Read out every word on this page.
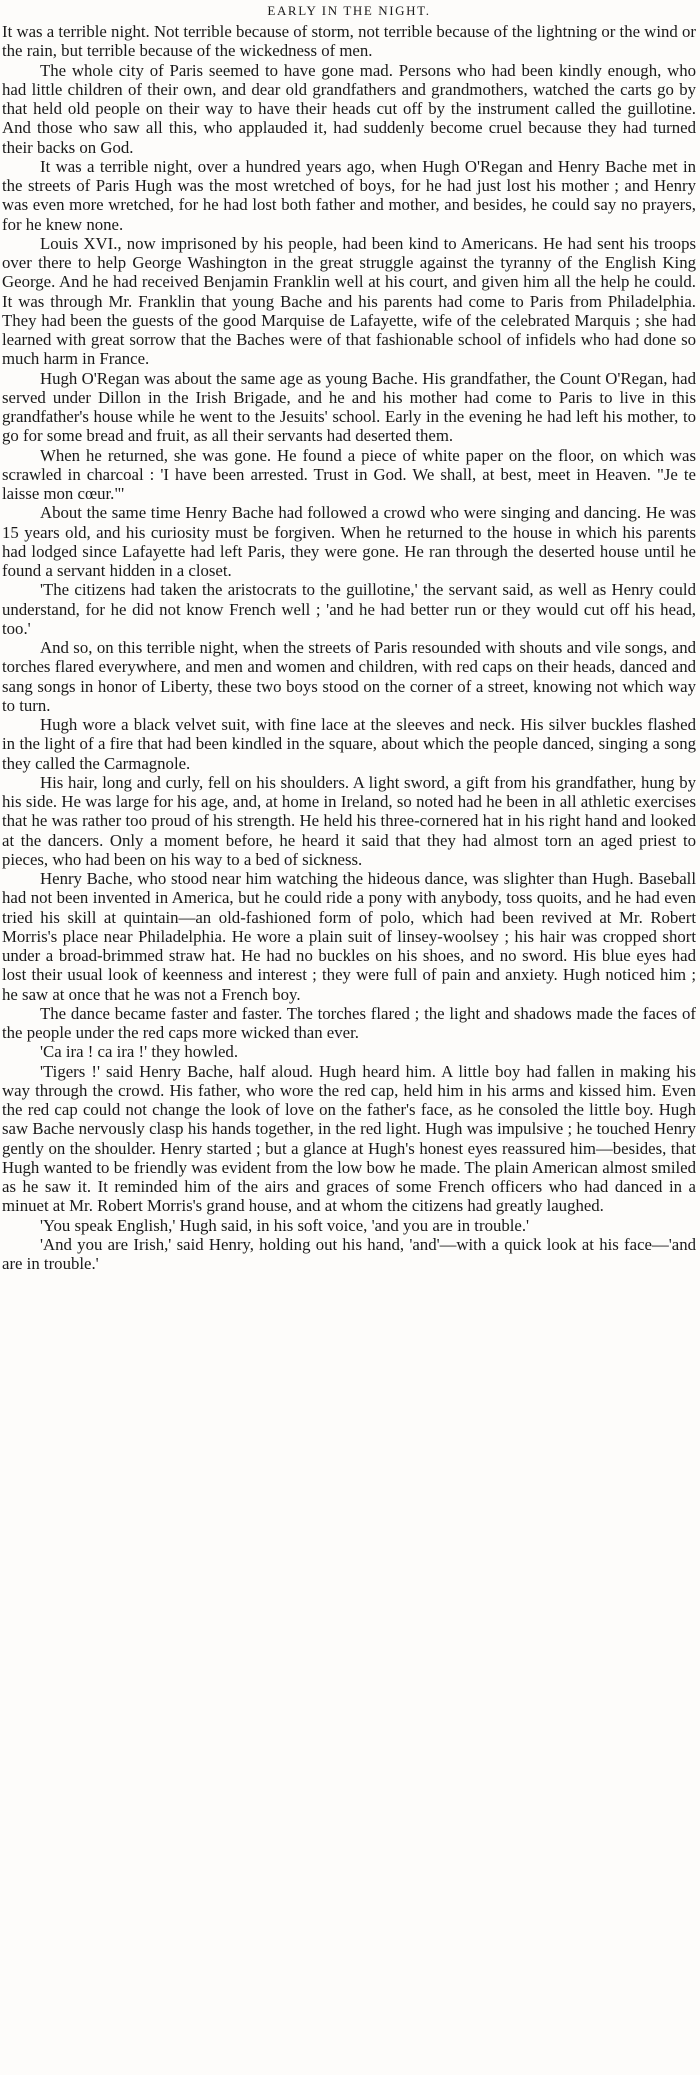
EARLY IN THE NIGHT.

It was a terrible night. Not terrible because of storm, not terrible because of the lightning or the wind or the rain, but terrible because of the wickedness of men.

The whole city of Paris seemed to have gone mad. Persons who had been kindly enough, who had little children of their own, and dear old grandfathers and grandmothers, watched the carts go by that held old people on their way to have their heads cut off by the instrument called the guillotine. And those who saw all this, who applauded it, had suddenly become cruel because they had turned their backs on God.

It was a terrible night, over a hundred years ago, when Hugh O'Regan and Henry Bache met in the streets of Paris Hugh was the most wretched of boys, for he had just lost his mother ; and Henry was even more wretched, for he had lost both father and mother, and besides, he could say no prayers, for he knew none.

Louis XVI., now imprisoned by his people, had been kind to Americans. He had sent his troops over there to help George Washington in the great struggle against the tyranny of the English King George. And he had received Benjamin Franklin well at his court, and given him all the help he could. It was through Mr. Franklin that young Bache and his parents had come to Paris from Philadelphia. They had been the guests of the good Marquise de Lafayette, wife of the celebrated Marquis ; she had learned with great sorrow that the Baches were of that fashionable school of infidels who had done so much harm in France.

Hugh O'Regan was about the same age as young Bache. His grandfather, the Count O'Regan, had served under Dillon in the Irish Brigade, and he and his mother had come to Paris to live in this grandfather's house while he went to the Jesuits' school. Early in the evening he had left his mother, to go for some bread and fruit, as all their servants had deserted them.

When he returned, she was gone. He found a piece of white paper on the floor, on which was scrawled in charcoal : 'I have been arrested. Trust in God. We shall, at best, meet in Heaven. "Je te laisse mon cœur."'

About the same time Henry Bache had followed a crowd who were singing and dancing. He was 15 years old, and his curiosity must be forgiven. When he returned to the house in which his parents had lodged since Lafayette had left Paris, they were gone. He ran through the deserted house until he found a servant hidden in a closet.

'The citizens had taken the aristocrats to the guillotine,' the servant said, as well as Henry could understand, for he did not know French well ; 'and he had better run or they would cut off his head, too.'

And so, on this terrible night, when the streets of Paris resounded with shouts and vile songs, and torches flared everywhere, and men and women and children, with red caps on their heads, danced and sang songs in honor of Liberty, these two boys stood on the corner of a street, knowing not which way to turn.

Hugh wore a black velvet suit, with fine lace at the sleeves and neck. His silver buckles flashed in the light of a fire that had been kindled in the square, about which the people danced, singing a song they called the Carmagnole.

His hair, long and curly, fell on his shoulders. A light sword, a gift from his grandfather, hung by his side. He was large for his age, and, at home in Ireland, so noted had he been in all athletic exercises that he was rather too proud of his strength. He held his three-cornered hat in his right hand and looked at the dancers. Only a moment before, he heard it said that they had almost torn an aged priest to pieces, who had been on his way to a bed of sickness.

Henry Bache, who stood near him watching the hideous dance, was slighter than Hugh. Baseball had not been invented in America, but he could ride a pony with anybody, toss quoits, and he had even tried his skill at quintain—an old-fashioned form of polo, which had been revived at Mr. Robert Morris's place near Philadelphia. He wore a plain suit of linsey-woolsey ; his hair was cropped short under a broad-brimmed straw hat. He had no buckles on his shoes, and no sword. His blue eyes had lost their usual look of keenness and interest ; they were full of pain and anxiety. Hugh noticed him ; he saw at once that he was not a French boy.

The dance became faster and faster. The torches flared ; the light and shadows made the faces of the people under the red caps more wicked than ever.

'Ca ira ! ca ira !' they howled.

'Tigers !' said Henry Bache, half aloud. Hugh heard him. A little boy had fallen in making his way through the crowd. His father, who wore the red cap, held him in his arms and kissed him. Even the red cap could not change the look of love on the father's face, as he consoled the little boy. Hugh saw Bache nervously clasp his hands together, in the red light. Hugh was impulsive ; he touched Henry gently on the shoulder. Henry started ; but a glance at Hugh's honest eyes reassured him—besides, that Hugh wanted to be friendly was evident from the low bow he made. The plain American almost smiled as he saw it. It reminded him of the airs and graces of some French officers who had danced in a minuet at Mr. Robert Morris's grand house, and at whom the citizens had greatly laughed.

'You speak English,' Hugh said, in his soft voice, 'and you are in trouble.'

'And you are Irish,' said Henry, holding out his hand, 'and'—with a quick look at his face—'and are in trouble.'
